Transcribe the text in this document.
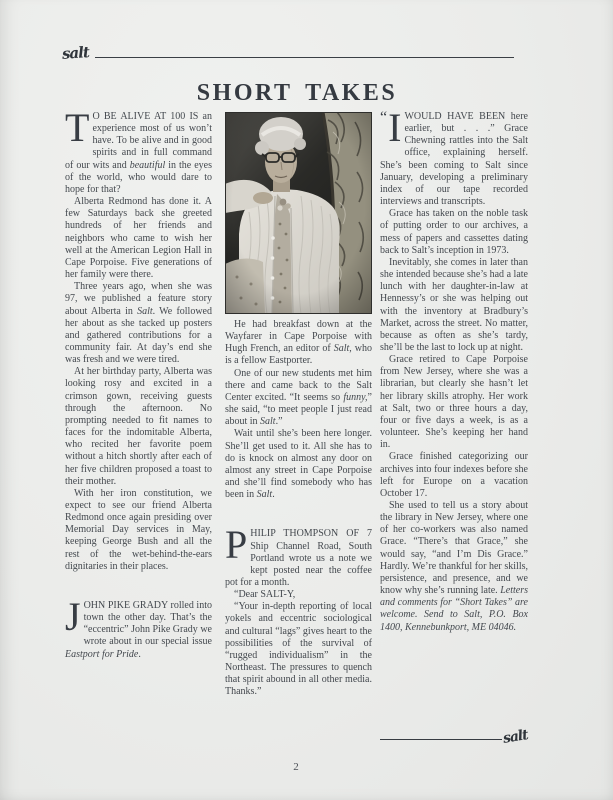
salt
SHORT TAKES

T O BE ALIVE AT 100 IS an experience most of us won’t have. To be alive and in good spirits and in full command of our wits and beautiful in the eyes of the world, who would dare to hope for that?

Alberta Redmond has done it. A few Saturdays back she greeted hundreds of her friends and neighbors who came to wish her well at the American Legion Hall in Cape Porpoise. Five generations of her family were there.

Three years ago, when she was 97, we published a feature story about Alberta in Salt. We followed her about as she tacked up posters and gathered contributions for a community fair. At day’s end she was fresh and we were tired.

At her birthday party, Alberta was looking rosy and excited in a crimson gown, receiving guests through the afternoon. No prompting needed to fit names to faces for the indomitable Alberta, who recited her favorite poem without a hitch shortly after each of her five children proposed a toast to their mother.

With her iron constitution, we expect to see our friend Alberta Redmond once again presiding over Memorial Day services in May, keeping George Bush and all the rest of the wet-behind-the-ears dignitaries in their places.

JOHN PIKE GRADY rolled into town the other day. That’s the “eccentric” John Pike Grady we wrote about in our special issue Eastport for Pride.

He had breakfast down at the Wayfarer in Cape Porpoise with Hugh French, an editor of Salt, who is a fellow Eastporter.

One of our new students met him there and came back to the Salt Center excited. “It seems so funny,” she said, “to meet people I just read about in Salt.”

Wait until she’s been here longer. She’ll get used to it. All she has to do is knock on almost any door on almost any street in Cape Porpoise and she’ll find somebody who has been in Salt.

PHILIP THOMPSON OF 7 Ship Channel Road, South Portland wrote us a note we kept posted near the coffee pot for a month.

“Dear SALT-Y,

“Your in-depth reporting of local yokels and eccentric sociological and cultural “lags” gives heart to the possibilities of the survival of “rugged individualism” in the Northeast. The pressures to quench that spirit abound in all other media. Thanks.”

“ I WOULD HAVE BEEN here earlier, but . . .” Grace Chewning rattles into the Salt office, explaining herself. She’s been coming to Salt since January, developing a preliminary index of our tape recorded interviews and transcripts.

Grace has taken on the noble task of putting order to our archives, a mess of papers and cassettes dating back to Salt’s inception in 1973.

Inevitably, she comes in later than she intended because she’s had a late lunch with her daughter-in-law at Hennessy’s or she was helping out with the inventory at Bradbury’s Market, across the street. No matter, because as often as she’s tardy, she’ll be the last to lock up at night.

Grace retired to Cape Porpoise from New Jersey, where she was a librarian, but clearly she hasn’t let her library skills atrophy. Her work at Salt, two or three hours a day, four or five days a week, is as a volunteer. She’s keeping her hand in.

Grace finished categorizing our archives into four indexes before she left for Europe on a vacation October 17.

She used to tell us a story about the library in New Jersey, where one of her co-workers was also named Grace. “There’s that Grace,” she would say, “and I’m Dis Grace.” Hardly. We’re thankful for her skills, persistence, and presence, and we know why she’s running late. Letters and comments for “Short Takes” are welcome. Send to Salt, P.O. Box 1400, Kennebunkport, ME 04046.

salt
2
